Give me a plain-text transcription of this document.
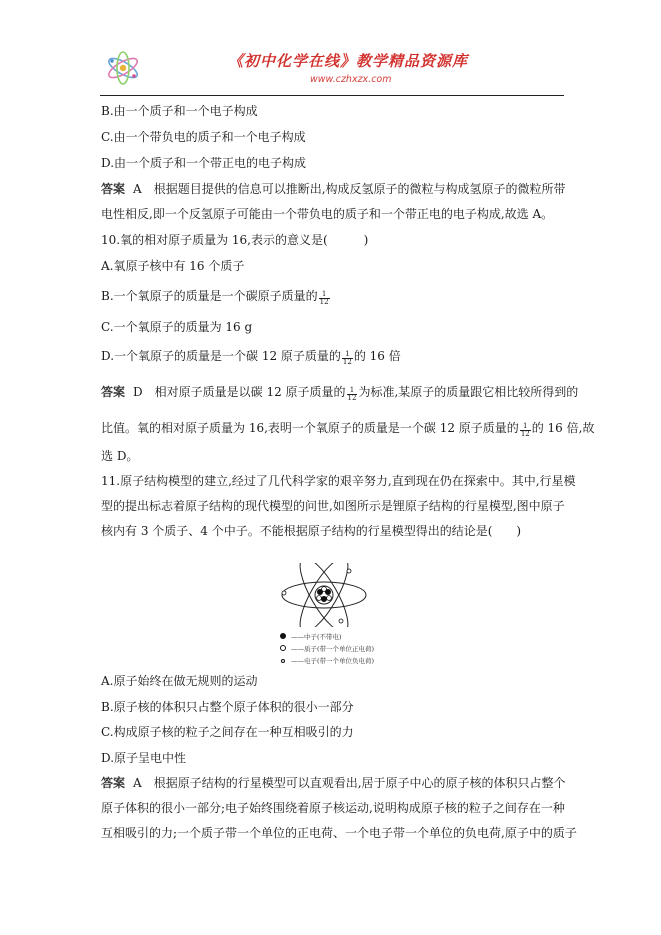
《初中化学在线》教学精品资源库
www.czhxzx.com
B.由一个质子和一个电子构成
C.由一个带负电的质子和一个电子构成
D.由一个质子和一个带正电的电子构成
答案 A 根据题目提供的信息可以推断出,构成反氢原子的微粒与构成氢原子的微粒所带
电性相反,即一个反氢原子可能由一个带负电的质子和一个带正电的电子构成,故选 A。
10.氧的相对原子质量为 16,表示的意义是(　　　)
A.氧原子核中有 16 个质子
B.一个氧原子的质量是一个碳原子质量的 $\frac{1}{12}$
C.一个氧原子的质量为 16 g
D.一个氧原子的质量是一个碳 12 原子质量的 $\frac{1}{12}$ 的 16 倍
答案 D 相对原子质量是以碳 12 原子质量的 $\frac{1}{12}$ 为标准,某原子的质量跟它相比较所得到的
比值。氧的相对原子质量为 16,表明一个氧原子的质量是一个碳 12 原子质量的 $\frac{1}{12}$ 的 16 倍,故
选 D。
11.原子结构模型的建立,经过了几代科学家的艰辛努力,直到现在仍在探索中。其中,行星模
型的提出标志着原子结构的现代模型的问世,如图所示是锂原子结构的行星模型,图中原子
核内有 3 个质子、4 个中子。不能根据原子结构的行星模型得出的结论是(　　)
—— 中子(不带电)
—— 质子(带一个单位正电荷)
—— 电子(带一个单位负电荷)
A.原子始终在做无规则的运动
B.原子核的体积只占整个原子体积的很小一部分
C.构成原子核的粒子之间存在一种互相吸引的力
D.原子呈电中性
答案 A 根据原子结构的行星模型可以直观看出,居于原子中心的原子核的体积只占整个
原子体积的很小一部分;电子始终围绕着原子核运动,说明构成原子核的粒子之间存在一种
互相吸引的力;一个质子带一个单位的正电荷、一个电子带一个单位的负电荷,原子中的质子
